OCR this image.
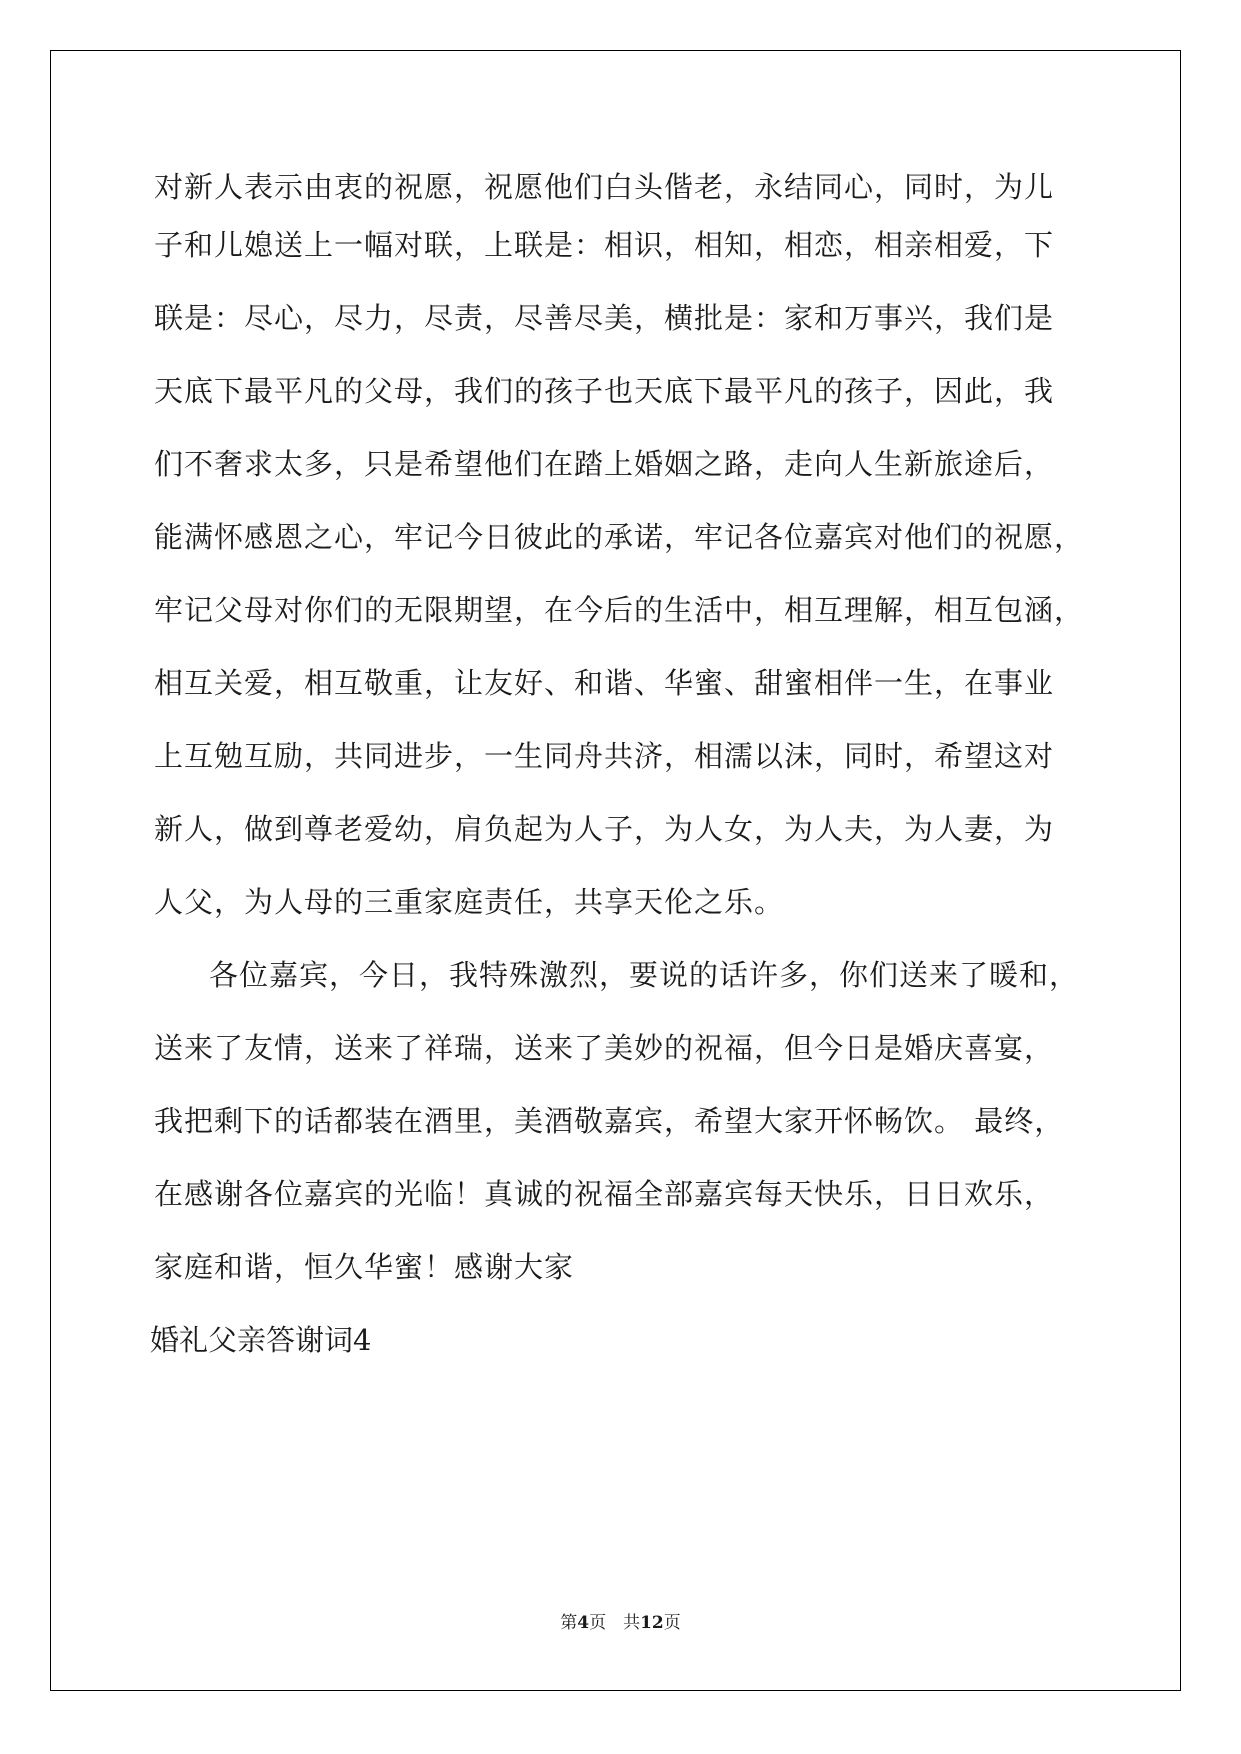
对新人表示由衷的祝愿，祝愿他们白头偕老，永结同心，同时，为儿
子和儿媳送上一幅对联，上联是：相识，相知，相恋，相亲相爱，下
联是：尽心，尽力，尽责，尽善尽美，横批是：家和万事兴，我们是
天底下最平凡的父母，我们的孩子也天底下最平凡的孩子，因此，我
们不奢求太多，只是希望他们在踏上婚姻之路，走向人生新旅途后，
能满怀感恩之心，牢记今日彼此的承诺，牢记各位嘉宾对他们的祝愿，
牢记父母对你们的无限期望，在今后的生活中，相互理解，相互包涵，
相互关爱，相互敬重，让友好、和谐、华蜜、甜蜜相伴一生，在事业
上互勉互励，共同进步，一生同舟共济，相濡以沫，同时，希望这对
新人，做到尊老爱幼，肩负起为人子，为人女，为人夫，为人妻，为
人父，为人母的三重家庭责任，共享天伦之乐。
各位嘉宾，今日，我特殊激烈，要说的话许多，你们送来了暖和，
送来了友情，送来了祥瑞，送来了美妙的祝福，但今日是婚庆喜宴，
我把剩下的话都装在酒里，美酒敬嘉宾，希望大家开怀畅饮。 最终，
在感谢各位嘉宾的光临！真诚的祝福全部嘉宾每天快乐，日日欢乐，
家庭和谐，恒久华蜜！感谢大家
婚礼父亲答谢词4
第4页　共12页
